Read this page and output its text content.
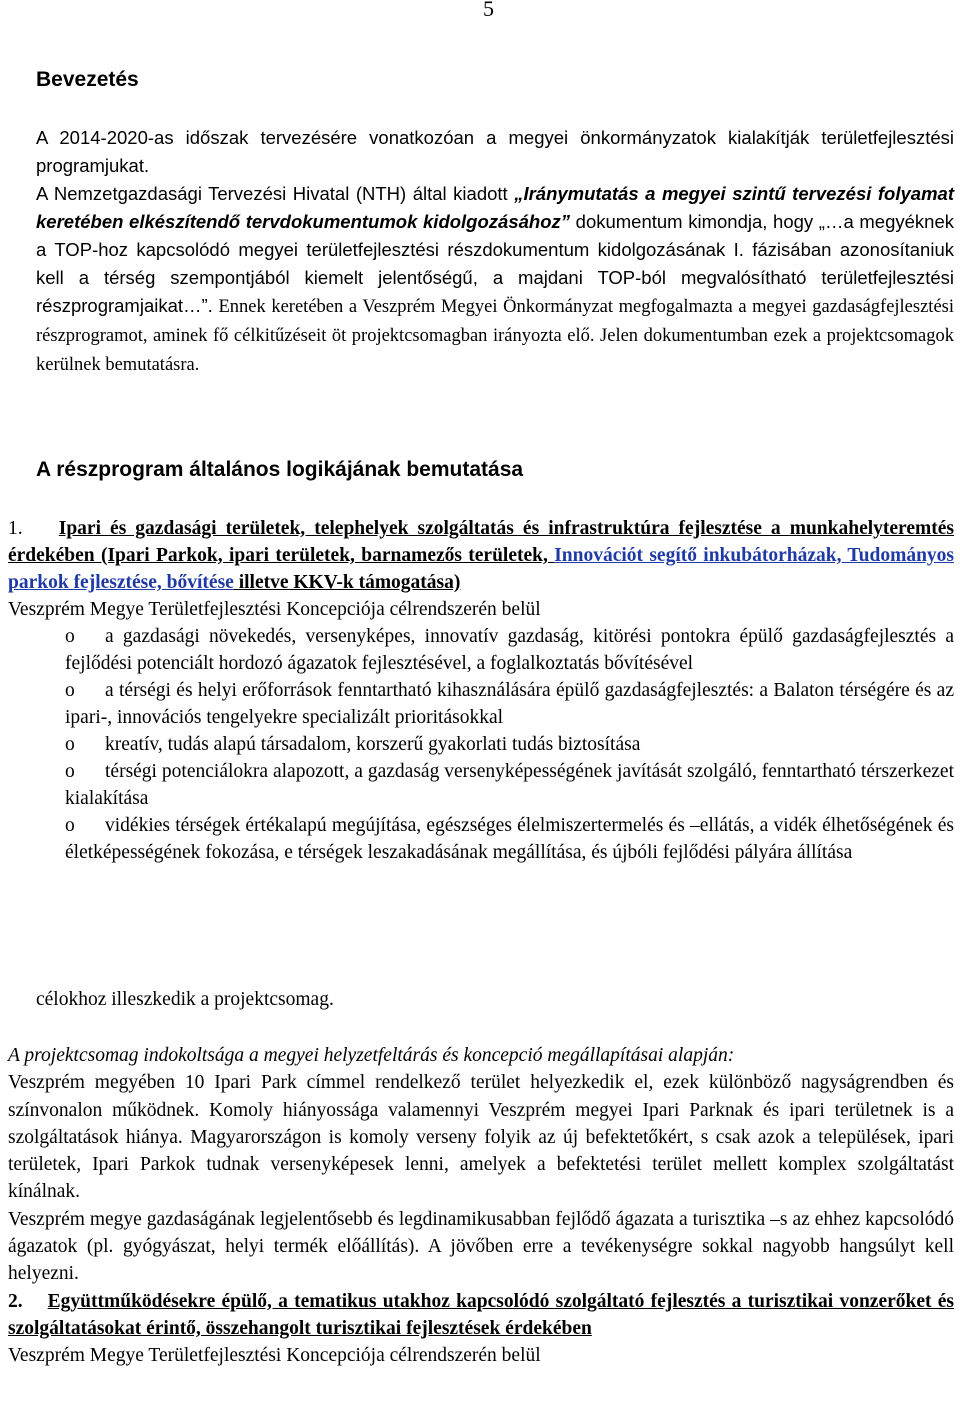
5
Bevezetés

A 2014-2020-as időszak tervezésére vonatkozóan a megyei önkormányzatok kialakítják területfejlesztési programjukat.

A Nemzetgazdasági Tervezési Hivatal (NTH) által kiadott „Iránymutatás a megyei szintű tervezési folyamat keretében elkészítendő tervdokumentumok kidolgozásához” dokumentum kimondja, hogy „…a megyéknek a TOP-hoz kapcsolódó megyei területfejlesztési részdokumentum kidolgozásának I. fázisában azonosítaniuk kell a térség szempontjából kiemelt jelentőségű, a majdani TOP-ból megvalósítható területfejlesztési részprogramjaikat…”. Ennek keretében a Veszprém Megyei Önkormányzat megfogalmazta a megyei gazdaságfejlesztési részprogramot, aminek fő célkitűzéseit öt projektcsomagban irányozta elő. Jelen dokumentumban ezek a projektcsomagok kerülnek bemutatásra.

A részprogram általános logikájának bemutatása

1. Ipari és gazdasági területek, telephelyek szolgáltatás és infrastruktúra fejlesztése a munkahelyteremtés érdekében (Ipari Parkok, ipari területek, barnamezős területek, Innovációt segítő inkubátorházak, Tudományos parkok fejlesztése, bővítése illetve KKV-k támogatása)

Veszprém Megye Területfejlesztési Koncepciója célrendszerén belül

o	a gazdasági növekedés, versenyképes, innovatív gazdaság, kitörési pontokra épülő gazdaságfejlesztés a fejlődési potenciált hordozó ágazatok fejlesztésével, a foglalkoztatás bővítésével
o	a térségi és helyi erőforrások fenntartható kihasználására épülő gazdaságfejlesztés: a Balaton térségére és az ipari-, innovációs tengelyekre specializált prioritásokkal
o	kreatív, tudás alapú társadalom, korszerű gyakorlati tudás biztosítása
o	térségi potenciálokra alapozott, a gazdaság versenyképességének javítását szolgáló, fenntartható térszerkezet kialakítása
o	vidékies térségek értékalapú megújítása, egészséges élelmiszertermelés és –ellátás, a vidék élhetőségének és életképességének fokozása, e térségek leszakadásának megállítása, és újbóli fejlődési pályára állítása
célokhoz illeszkedik a projektcsomag.

A projektcsomag indokoltsága a megyei helyzetfeltárás és koncepció megállapításai alapján:

Veszprém megyében 10 Ipari Park címmel rendelkező terület helyezkedik el, ezek különböző nagyságrendben és színvonalon működnek. Komoly hiányossága valamennyi Veszprém megyei Ipari Parknak és ipari területnek is a szolgáltatások hiánya. Magyarországon is komoly verseny folyik az új befektetőkért, s csak azok a települések, ipari területek, Ipari Parkok tudnak versenyképesek lenni, amelyek a befektetési terület mellett komplex szolgáltatást kínálnak.

Veszprém megye gazdaságának legjelentősebb és legdinamikusabban fejlődő ágazata a turisztika –s az ehhez kapcsolódó ágazatok (pl. gyógyászat, helyi termék előállítás). A jövőben erre a tevékenységre sokkal nagyobb hangsúlyt kell helyezni.

2. Együttműködésekre épülő, a tematikus utakhoz kapcsolódó szolgáltató fejlesztés a turisztikai vonzerőket és szolgáltatásokat érintő, összehangolt turisztikai fejlesztések érdekében

Veszprém Megye Területfejlesztési Koncepciója célrendszerén belül
